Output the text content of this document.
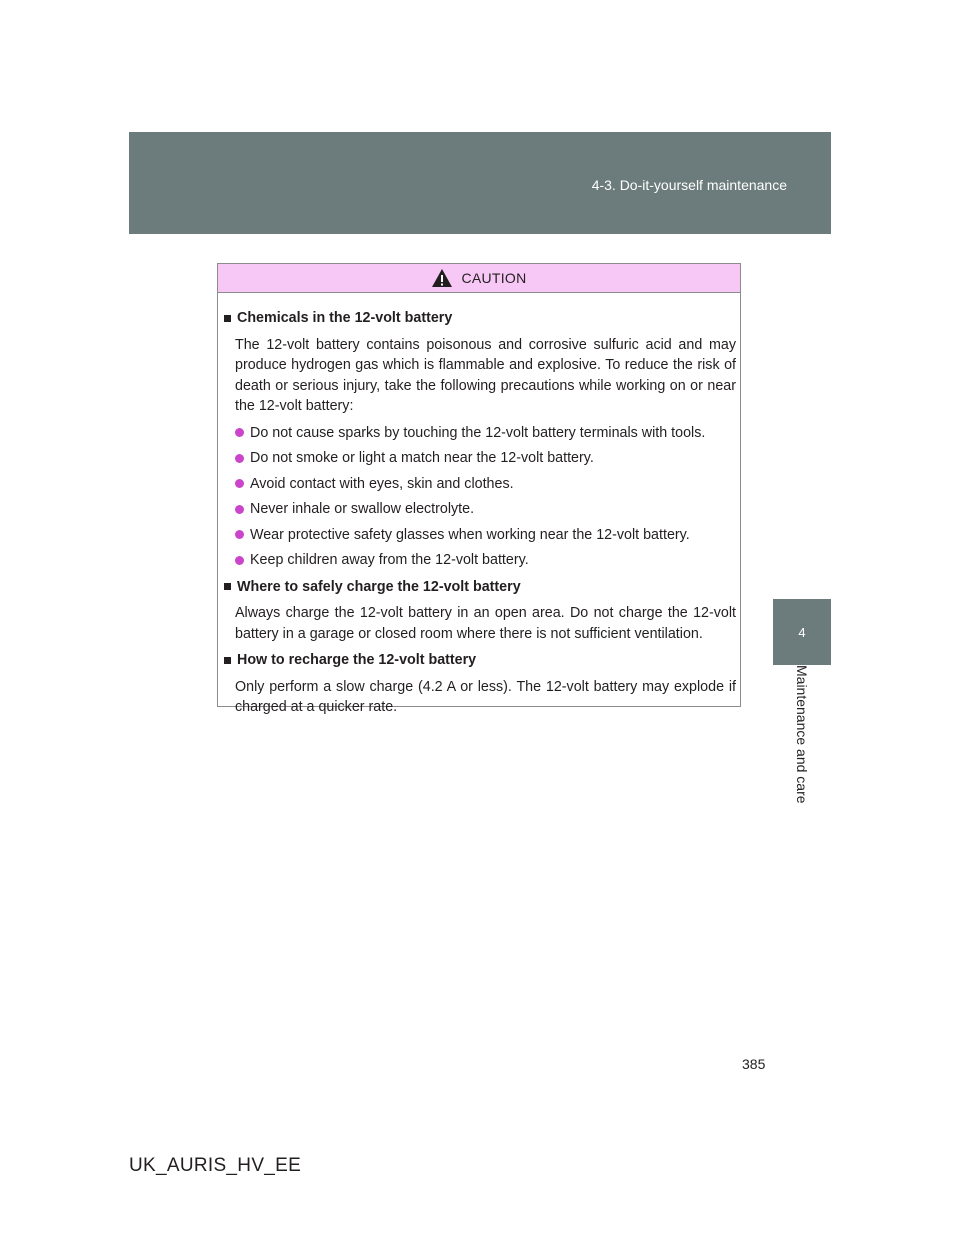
4-3. Do-it-yourself maintenance
4
Maintenance and care
CAUTION
Chemicals in the 12-volt battery
The 12-volt battery contains poisonous and corrosive sulfuric acid and may produce hydrogen gas which is flammable and explosive. To reduce the risk of death or serious injury, take the following precautions while working on or near the 12-volt battery:
Do not cause sparks by touching the 12-volt battery terminals with tools.
Do not smoke or light a match near the 12-volt battery.
Avoid contact with eyes, skin and clothes.
Never inhale or swallow electrolyte.
Wear protective safety glasses when working near the 12-volt battery.
Keep children away from the 12-volt battery.
Where to safely charge the 12-volt battery
Always charge the 12-volt battery in an open area. Do not charge the 12-volt battery in a garage or closed room where there is not sufficient ventilation.
How to recharge the 12-volt battery
Only perform a slow charge (4.2 A or less). The 12-volt battery may explode if charged at a quicker rate.
385
UK_AURIS_HV_EE
